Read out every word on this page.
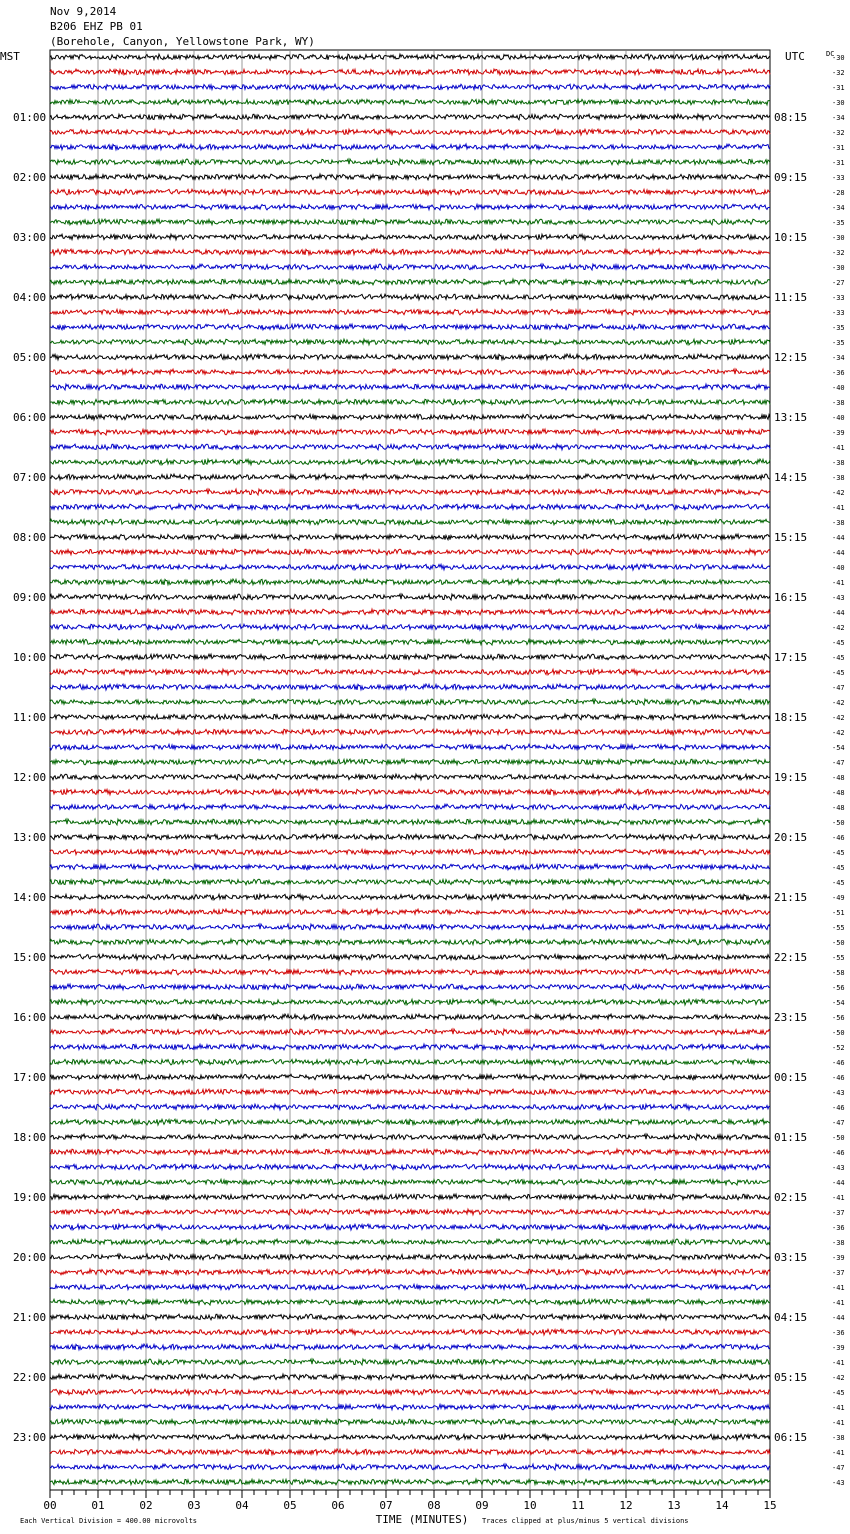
Nov 9,2014
B206 EHZ PB 01
(Borehole, Canyon, Yellowstone Park, WY)
-30
-32
-31
-30
-34
-32
-31
-31
-33
-28
-34
-35
-30
-32
-30
-27
-33
-33
-35
-35
-34
-36
-40
-38
-40
-39
-41
-38
-38
-42
-41
-38
-44
-44
-40
-41
-43
-44
-42
-45
-45
-45
-47
-42
-42
-42
-54
-47
-48
-48
-48
-50
-46
-45
-45
-45
-49
-51
-55
-50
-55
-58
-56
-54
-56
-50
-52
-46
-46
-43
-46
-47
-50
-46
-43
-44
-41
-37
-36
-38
-39
-37
-41
-41
-44
-36
-39
-41
-42
-45
-41
-41
-38
-41
-47
-43
01:00	08:15
02:00	09:15
03:00	10:15
04:00	11:15
05:00	12:15
06:00	13:15
07:00	14:15
08:00	15:15
09:00	16:15
10:00	17:15
11:00	18:15
12:00	19:15
13:00	20:15
14:00	21:15
15:00	22:15
16:00	23:15
17:00	00:15
18:00	01:15
19:00	02:15
20:00	03:15
21:00	04:15
22:00	05:15
23:00	06:15
MST	UTC	DC
00	01	02	03	04	05	06	07	08	09	10	11	12	13	14	15
TIME (MINUTES)
Each Vertical Division = 400.00 microvolts	Traces clipped at plus/minus 5 vertical divisions
